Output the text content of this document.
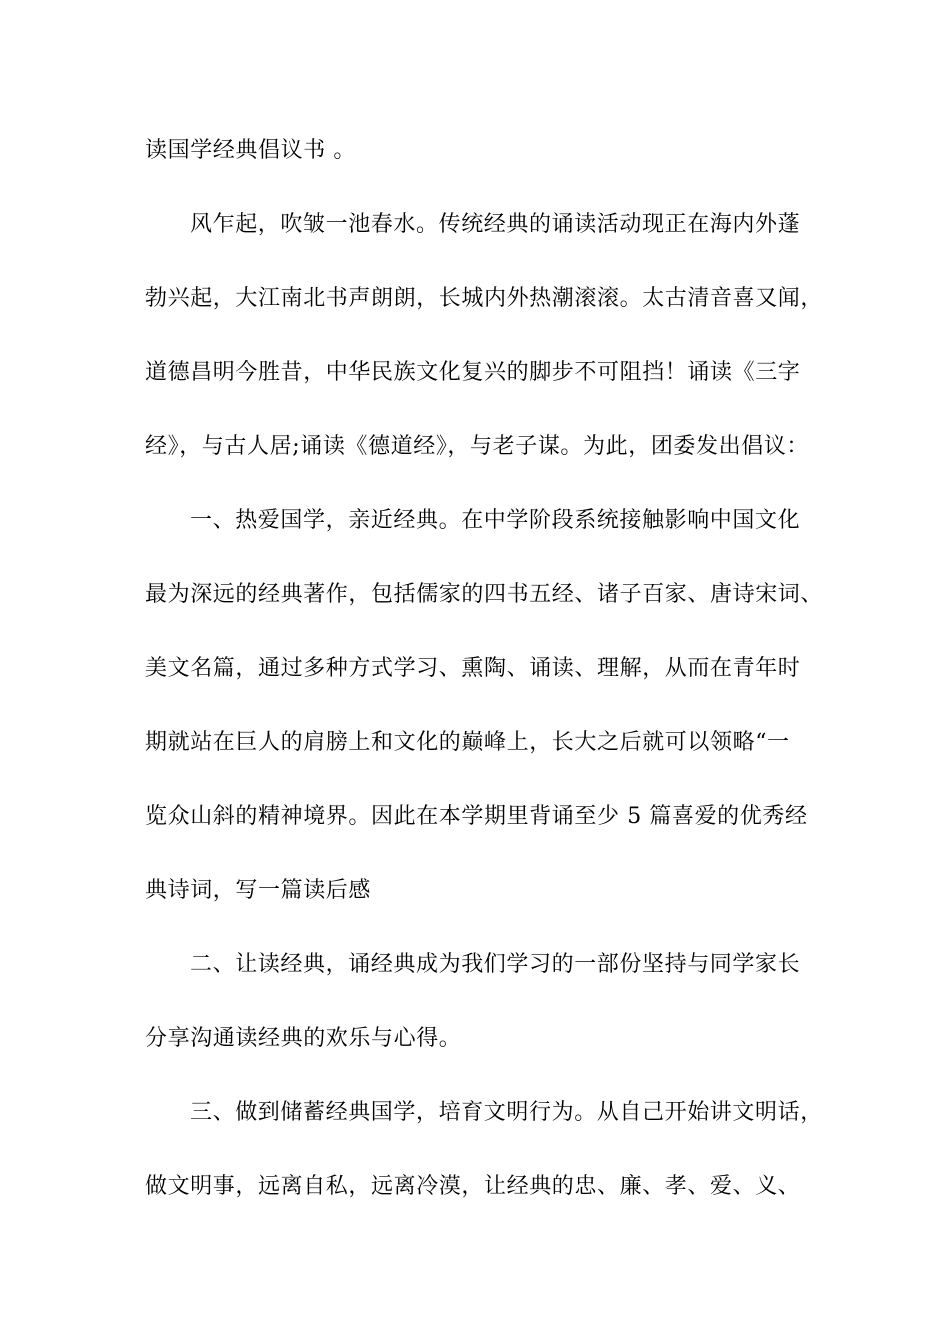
读国学经典倡议书 。
风乍起，吹皱一池春水。传统经典的诵读活动现正在海内外蓬
勃兴起，大江南北书声朗朗，长城内外热潮滚滚。太古清音喜又闻，
道德昌明今胜昔，中华民族文化复兴的脚步不可阻挡！诵读《三字
经》，与古人居;诵读《德道经》，与老子谋。为此，团委发出倡议：
一、热爱国学，亲近经典。在中学阶段系统接触影响中国文化
最为深远的经典著作，包括儒家的四书五经、诸子百家、唐诗宋词、
美文名篇，通过多种方式学习、熏陶、诵读、理解，从而在青年时
期就站在巨人的肩膀上和文化的巅峰上，长大之后就可以领略“一
览众山斜的精神境界。因此在本学期里背诵至少 5 篇喜爱的优秀经
典诗词，写一篇读后感
二、让读经典，诵经典成为我们学习的一部份坚持与同学家长
分享沟通读经典的欢乐与心得。
三、做到储蓄经典国学，培育文明行为。从自己开始讲文明话，
做文明事，远离自私，远离冷漠，让经典的忠、廉、孝、爱、义、
